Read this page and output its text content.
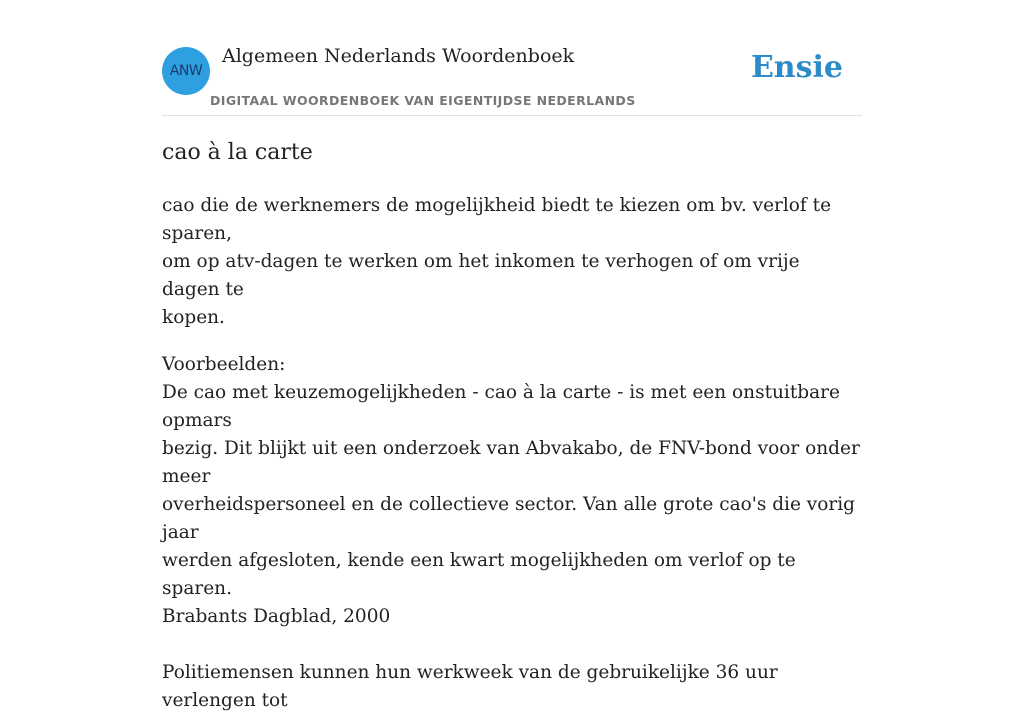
ANW
Algemeen Nederlands Woordenboek
DIGITAAL WOORDENBOEK VAN EIGENTIJDSE NEDERLANDS
Ensie
cao à la carte

cao die de werknemers de mogelijkheid biedt te kiezen om bv. verlof te sparen,
om op atv-dagen te werken om het inkomen te verhogen of om vrije dagen te
kopen.

Voorbeelden:
De cao met keuzemogelijkheden - cao à la carte - is met een onstuitbare opmars
bezig. Dit blijkt uit een onderzoek van Abvakabo, de FNV-bond voor onder meer
overheidspersoneel en de collectieve sector. Van alle grote cao's die vorig jaar
werden afgesloten, kende een kwart mogelijkheden om verlof op te sparen.
Brabants Dagblad, 2000
Politiemensen kunnen hun werkweek van de gebruikelijke 36 uur verlengen tot
